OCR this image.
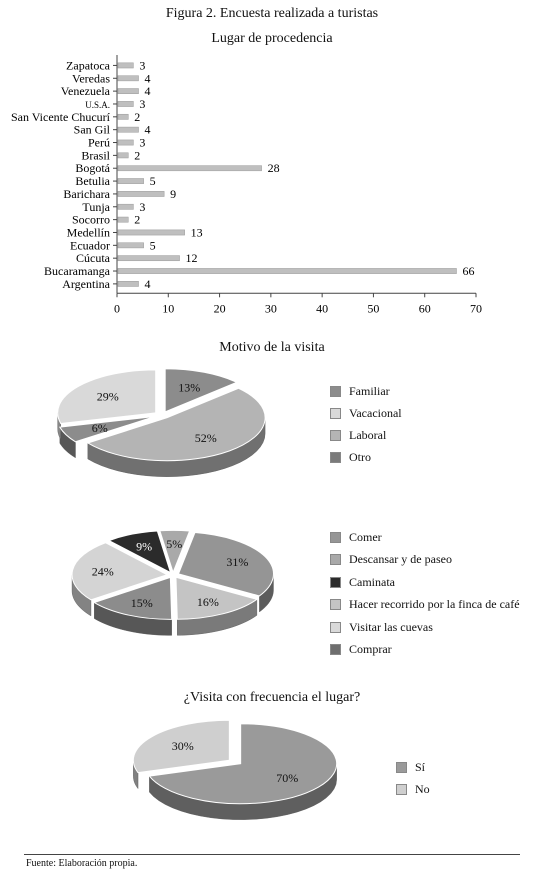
Figura 2. Encuesta realizada a turistas
Lugar de procedencia
Zapatoca 3
Veredas	4
Venezuela	4
U.S.A. 3
San Vicente Chucurí 2
San Gil	4
Perú 3
Brasil 2
Bogotá	28
Betulia	5
Barichara	9
Tunja 3
Socorro 2
Medellín	13
Ecuador	5
Cúcuta	12
Bucaramanga	66
Argentina	4
0	10	20	30	40	50	60	70
Motivo de la visita
13%
52%
6%
29%	Familiar
Vacacional
Laboral
Otro
31%
16%
15%
24%
9% 5%
Comer
Descansar y de paseo
Caminata
Hacer recorrido por la finca de café
Visitar las cuevas
Comprar
¿Visita con frecuencia el lugar?
70%
30%
Sí
No
Fuente: Elaboración propia.
